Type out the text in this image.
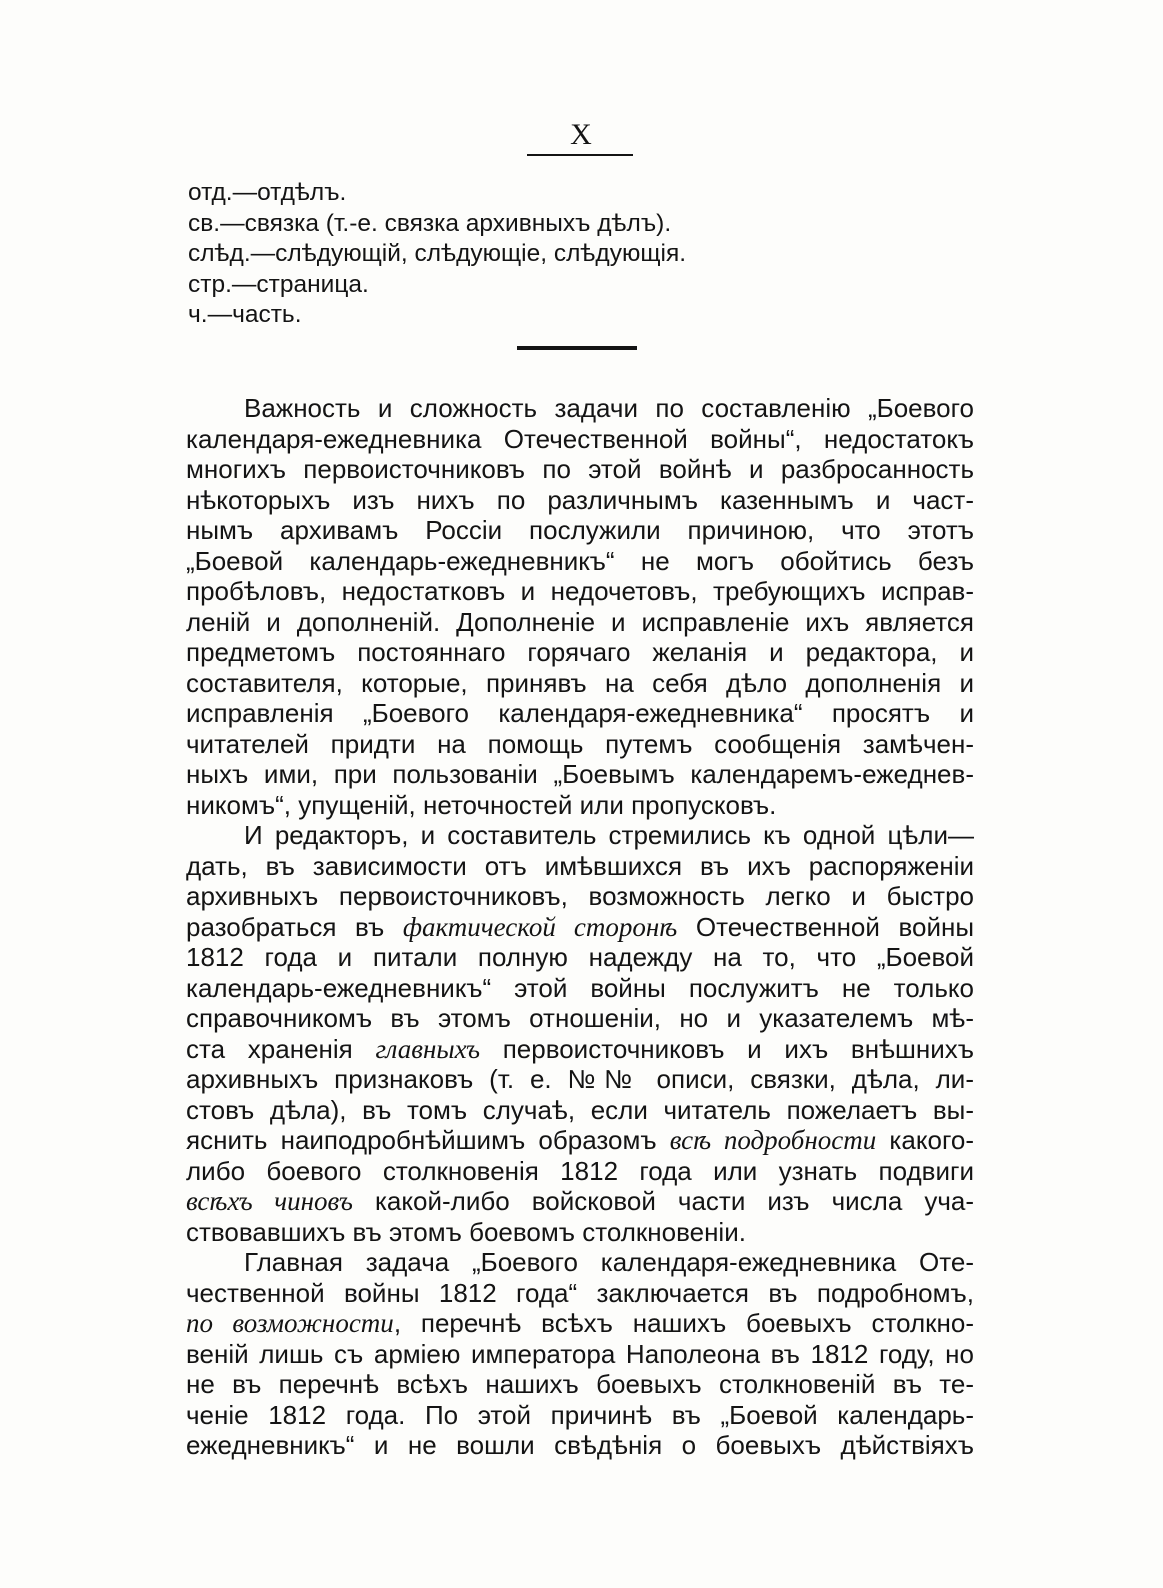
X
отд.—отдѣлъ.
св.—связка (т.-е. связка архивныхъ дѣлъ).
слѣд.—слѣдующій, слѣдующіе, слѣдующія.
стр.—страница.
ч.—часть.
Важность и сложность задачи по составленію „Боевого
календаря-ежедневника Отечественной войны“, недостатокъ
многихъ первоисточниковъ по этой войнѣ и разбросанность
нѣкоторыхъ изъ нихъ по различнымъ казеннымъ и част-
нымъ архивамъ Россіи послужили причиною, что этотъ
„Боевой календарь-ежедневникъ“ не могъ обойтись безъ
пробѣловъ, недостатковъ и недочетовъ, требующихъ исправ-
леній и дополненій. Дополненіе и исправленіе ихъ является
предметомъ постояннаго горячаго желанія и редактора, и
составителя, которые, принявъ на себя дѣло дополненія и
исправленія „Боевого календаря-ежедневника“ просятъ и
читателей придти на помощь путемъ сообщенія замѣчен-
ныхъ ими, при пользованіи „Боевымъ календаремъ-ежеднев-
никомъ“, упущеній, неточностей или пропусковъ.
И редакторъ, и составитель стремились къ одной цѣли—
дать, въ зависимости отъ имѣвшихся въ ихъ распоряженіи
архивныхъ первоисточниковъ, возможность легко и быстро
разобраться въ фактической сторонѣ Отечественной войны
1812 года и питали полную надежду на то, что „Боевой
календарь-ежедневникъ“ этой войны послужитъ не только
справочникомъ въ этомъ отношеніи, но и указателемъ мѣ-
ста храненія главныхъ первоисточниковъ и ихъ внѣшнихъ
архивныхъ признаковъ (т. е. №№ описи, связки, дѣла, ли-
стовъ дѣла), въ томъ случаѣ, если читатель пожелаетъ вы-
яснить наиподробнѣйшимъ образомъ всѣ подробности какого-
либо боевого столкновенія 1812 года или узнать подвиги
всѣхъ чиновъ какой-либо войсковой части изъ числа уча-
ствовавшихъ въ этомъ боевомъ столкновеніи.
Главная задача „Боевого календаря-ежедневника Оте-
чественной войны 1812 года“ заключается въ подробномъ,
по возможности, перечнѣ всѣхъ нашихъ боевыхъ столкно-
веній лишь съ арміею императора Наполеона въ 1812 году, но
не въ перечнѣ всѣхъ нашихъ боевыхъ столкновеній въ те-
ченіе 1812 года. По этой причинѣ въ „Боевой календарь-
ежедневникъ“ и не вошли свѣдѣнія о боевыхъ дѣйствіяхъ
